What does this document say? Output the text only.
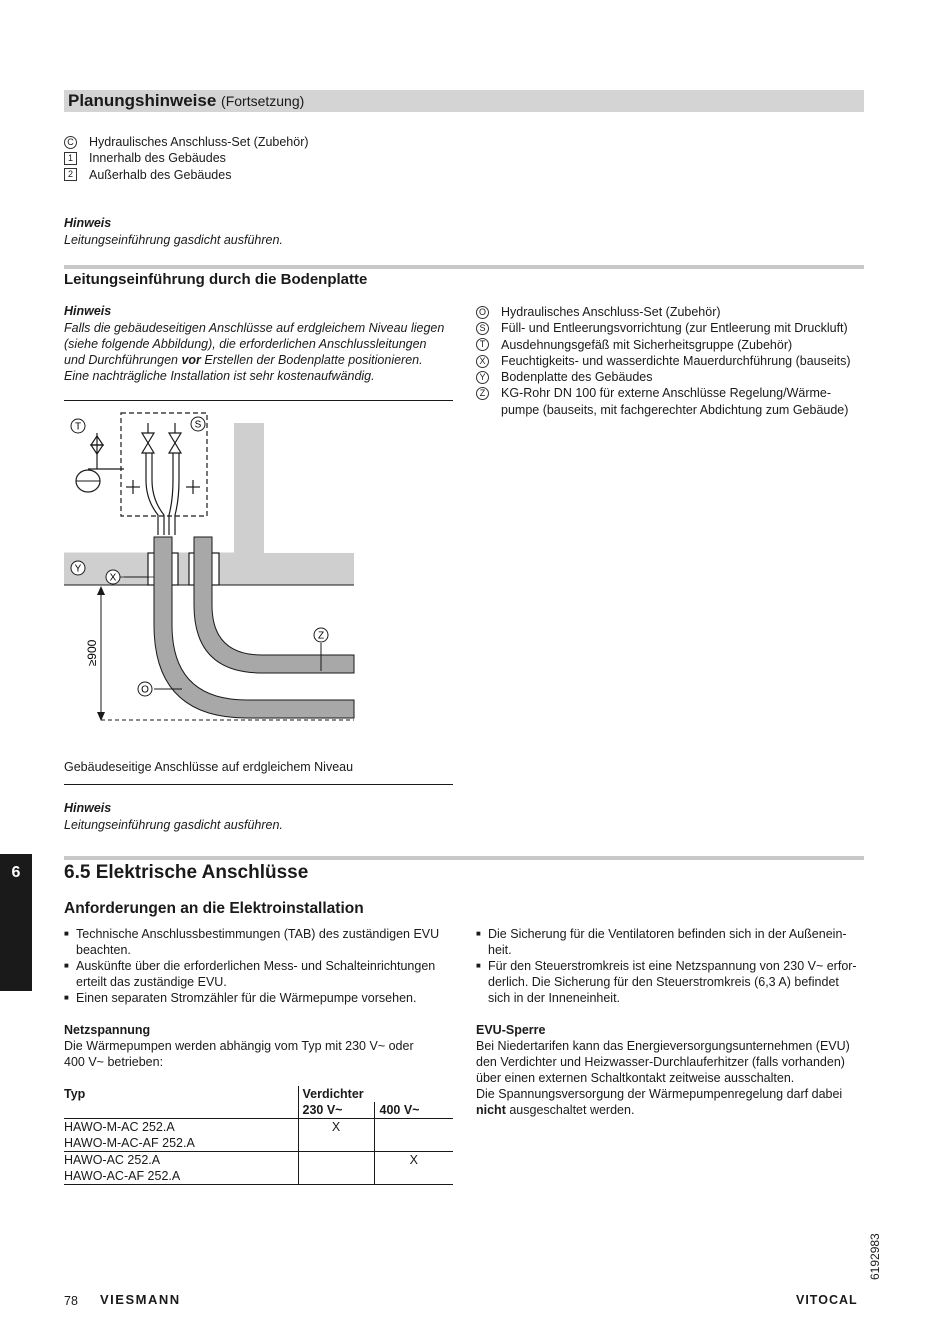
Planungshinweise (Fortsetzung)
C Hydraulisches Anschluss-Set (Zubehör)
1	Innerhalb des Gebäudes
2	Außerhalb des Gebäudes
Hinweis
Leitungseinführung gasdicht ausführen.
Leitungseinführung durch die Bodenplatte
Hinweis
Falls die gebäudeseitigen Anschlüsse auf erdgleichem Niveau liegen
(siehe folgende Abbildung), die erforderlichen Anschlussleitungen
und Durchführungen vor Erstellen der Bodenplatte positionieren.
Eine nachträgliche Installation ist sehr kostenaufwändig.
O Hydraulisches Anschluss-Set (Zubehör)
S Füll- und Entleerungsvorrichtung (zur Entleerung mit Druckluft)
T	Ausdehnungsgefäß mit Sicherheitsgruppe (Zubehör)
X Feuchtigkeits- und wasserdichte Mauerdurchführung (bauseits)
Y Bodenplatte des Gebäudes
Z	KG-Rohr DN 100 für externe Anschlüsse Regelung/Wärme-
pumpe (bauseits, mit fachgerechter Abdichtung zum Gebäude)
T	S
Y
X
Z
O
≥900
Gebäudeseitige Anschlüsse auf erdgleichem Niveau
Hinweis
Leitungseinführung gasdicht ausführen.
6	6.5 Elektrische Anschlüsse
Anforderungen an die Elektroinstallation
■ Technische Anschlussbestimmungen (TAB) des zuständigen EVU
beachten.
■ Auskünfte über die erforderlichen Mess- und Schalteinrichtungen
erteilt das zuständige EVU.
■ Einen separaten Stromzähler für die Wärmepumpe vorsehen.
■ Die Sicherung für die Ventilatoren befinden sich in der Außenein-
heit.
■ Für den Steuerstromkreis ist eine Netzspannung von 230 V~ erfor-
derlich. Die Sicherung für den Steuerstromkreis (6,3 A) befindet
sich in der Inneneinheit.
Netzspannung
Die Wärmepumpen werden abhängig vom Typ mit 230 V~ oder
400 V~ betrieben:
Typ	Verdichter	
	230 V~	400 V~

HAWO-M-AC 252.A
HAWO-M-AC-AF 252.A	X	

HAWO-AC 252.A
HAWO-AC-AF 252.A		X
EVU-Sperre
Bei Niedertarifen kann das Energieversorgungsunternehmen (EVU)
den Verdichter und Heizwasser-Durchlauferhitzer (falls vorhanden)
über einen externen Schaltkontakt zeitweise ausschalten.
Die Spannungsversorgung der Wärmepumpenregelung darf dabei
nicht ausgeschaltet werden.
6192983
78 VIESMANN	VITOCAL
